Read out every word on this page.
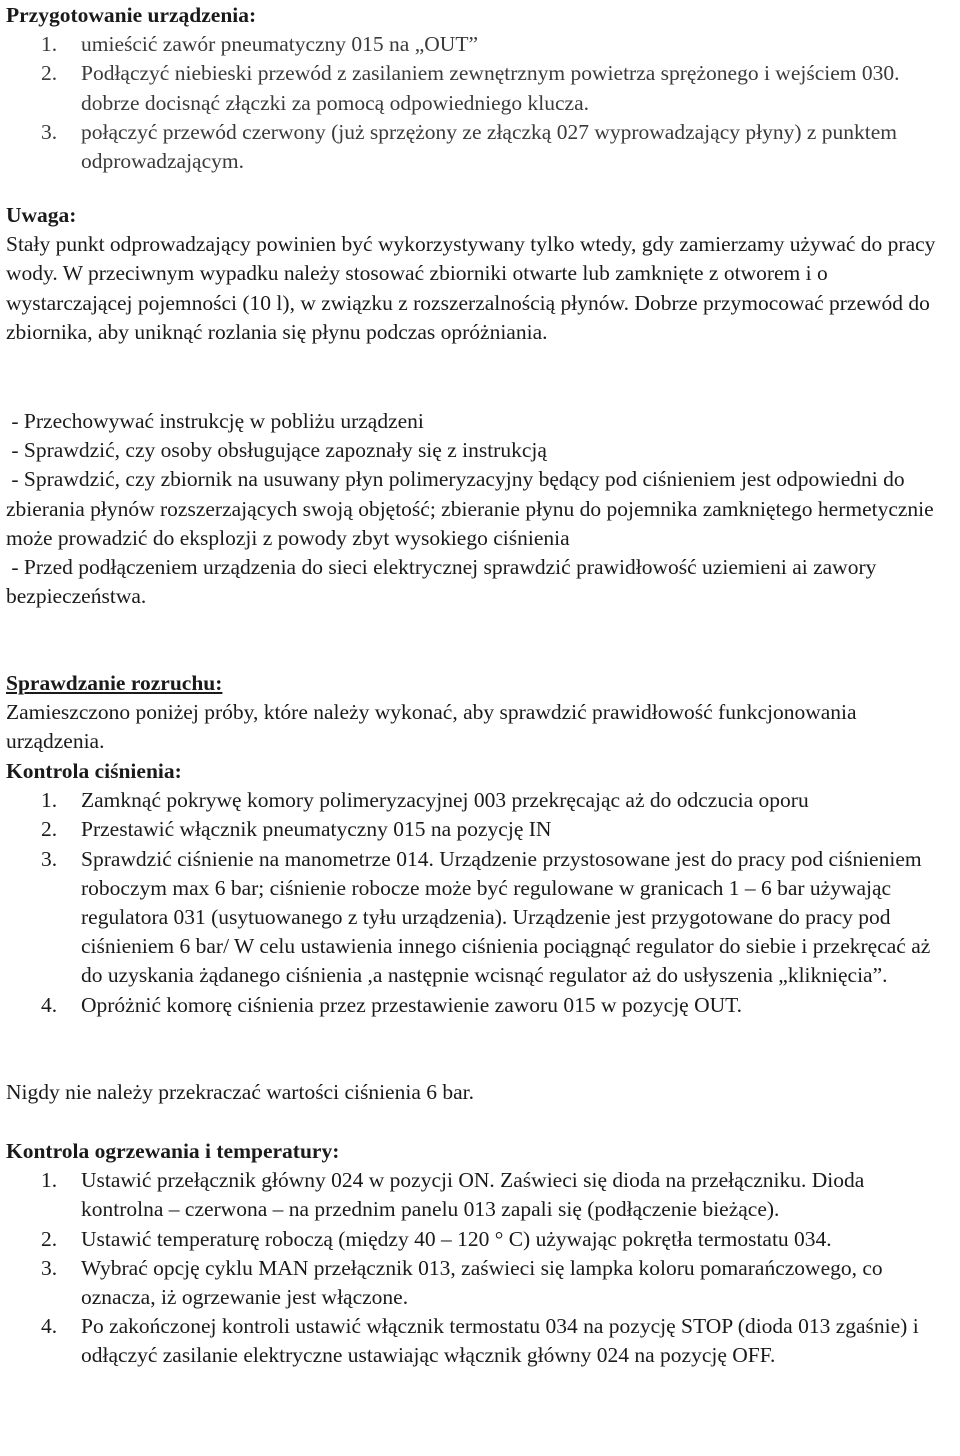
Przygotowanie urządzenia:
1. umieścić zawór pneumatyczny 015 na „OUT”
2. Podłączyć niebieski przewód z zasilaniem zewnętrznym powietrza sprężonego i wejściem 030. dobrze docisnąć złączki za pomocą odpowiedniego klucza.
3. połączyć przewód czerwony (już sprzężony ze złączką 027 wyprowadzający płyny) z punktem odprowadzającym.
Uwaga:

Stały punkt odprowadzający powinien być wykorzystywany tylko wtedy, gdy zamierzamy używać do pracy wody. W przeciwnym wypadku należy stosować zbiorniki otwarte lub zamknięte z otworem i o wystarczającej pojemności (10 l), w związku z rozszerzalnością płynów. Dobrze przymocować przewód do zbiornika, aby uniknąć rozlania się płynu podczas opróżniania.

- Przechowywać instrukcję w pobliżu urządzeni

- Sprawdzić, czy osoby obsługujące zapoznały się z instrukcją

- Sprawdzić, czy zbiornik na usuwany płyn polimeryzacyjny będący pod ciśnieniem jest odpowiedni do zbierania płynów rozszerzających swoją objętość; zbieranie płynu do pojemnika zamkniętego hermetycznie może prowadzić do eksplozji z powody zbyt wysokiego ciśnienia

- Przed podłączeniem urządzenia do sieci elektrycznej sprawdzić prawidłowość uziemieni ai zawory bezpieczeństwa.

Sprawdzanie rozruchu:

Zamieszczono poniżej próby, które należy wykonać, aby sprawdzić prawidłowość funkcjonowania urządzenia.

Kontrola ciśnienia:
1. Zamknąć pokrywę komory polimeryzacyjnej 003 przekręcając aż do odczucia oporu
2. Przestawić włącznik pneumatyczny 015 na pozycję IN
3. Sprawdzić ciśnienie na manometrze 014. Urządzenie przystosowane jest do pracy pod ciśnieniem roboczym max 6 bar; ciśnienie robocze może być regulowane w granicach 1 – 6 bar używając regulatora 031 (usytuowanego z tyłu urządzenia). Urządzenie jest przygotowane do pracy pod ciśnieniem 6 bar/ W celu ustawienia innego ciśnienia pociągnąć regulator do siebie i przekręcać aż do uzyskania żądanego ciśnienia ,a następnie wcisnąć regulator aż do usłyszenia „kliknięcia”.
4. Opróżnić komorę ciśnienia przez przestawienie zaworu 015 w pozycję OUT.

Nigdy nie należy przekraczać wartości ciśnienia 6 bar.

Kontrola ogrzewania i temperatury:
1. Ustawić przełącznik główny 024 w pozycji ON. Zaświeci się dioda na przełączniku. Dioda kontrolna – czerwona – na przednim panelu 013 zapali się (podłączenie bieżące).
2. Ustawić temperaturę roboczą (między 40 – 120 ° C) używając pokrętła termostatu 034.
3. Wybrać opcję cyklu MAN przełącznik 013, zaświeci się lampka koloru pomarańczowego, co oznacza, iż ogrzewanie jest włączone.
4. Po zakończonej kontroli ustawić włącznik termostatu 034 na pozycję STOP (dioda 013 zgaśnie) i odłączyć zasilanie elektryczne ustawiając włącznik główny 024 na pozycję OFF.
